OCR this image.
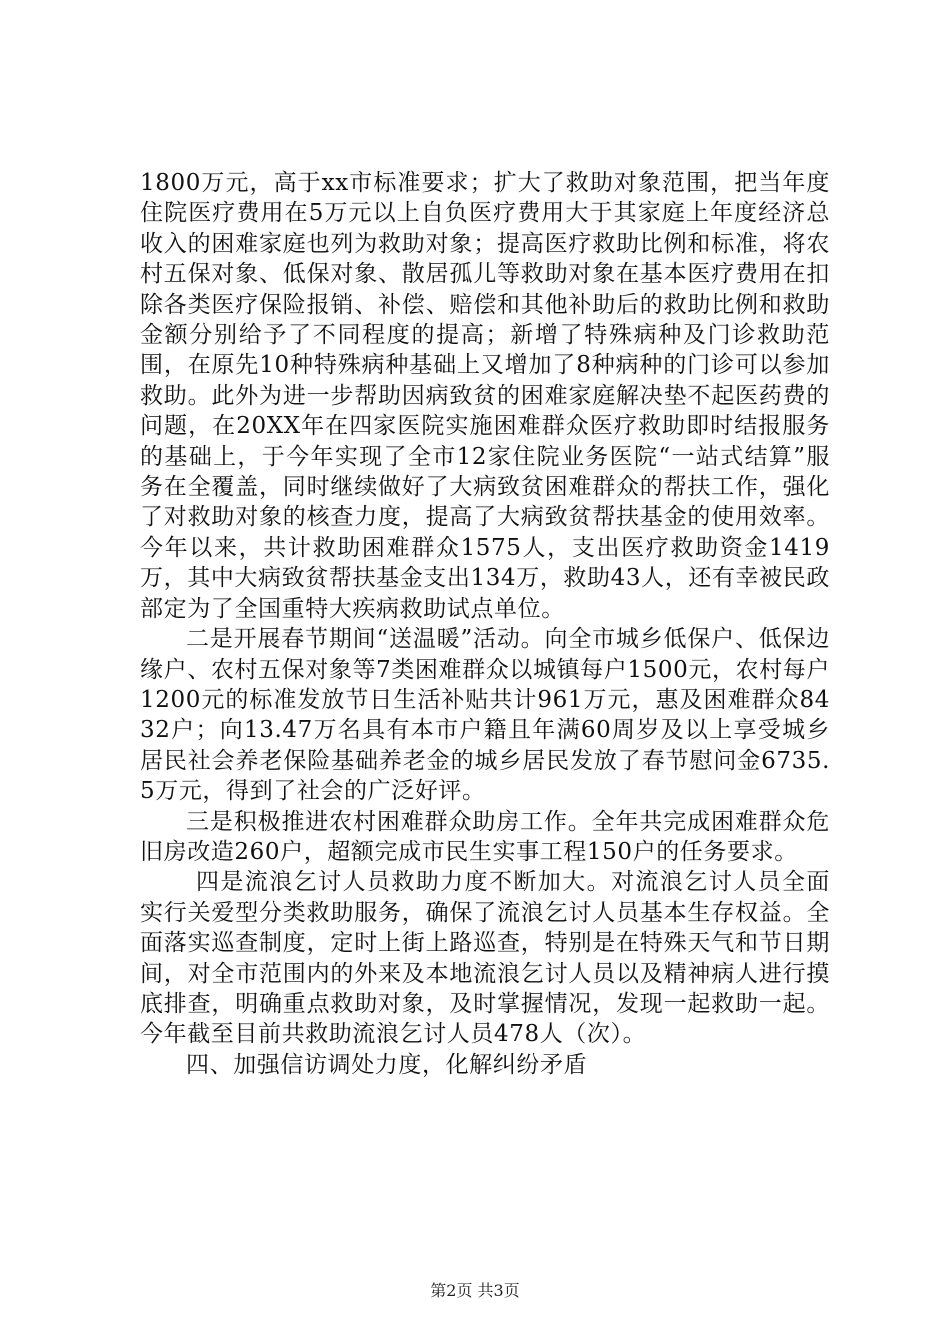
1800万元，高于xx市标准要求；扩大了救助对象范围，把当年度住院医疗费用在5万元以上自负医疗费用大于其家庭上年度经济总收入的困难家庭也列为救助对象；提高医疗救助比例和标准，将农村五保对象、低保对象、散居孤儿等救助对象在基本医疗费用在扣除各类医疗保险报销、补偿、赔偿和其他补助后的救助比例和救助金额分别给予了不同程度的提高；新增了特殊病种及门诊救助范围，在原先10种特殊病种基础上又增加了8种病种的门诊可以参加救助。此外为进一步帮助因病致贫的困难家庭解决垫不起医药费的问题，在20XX年在四家医院实施困难群众医疗救助即时结报服务的基础上，于今年实现了全市12家住院业务医院“一站式结算”服务在全覆盖，同时继续做好了大病致贫困难群众的帮扶工作，强化了对救助对象的核查力度，提高了大病致贫帮扶基金的使用效率。今年以来，共计救助困难群众1575人，支出医疗救助资金1419万，其中大病致贫帮扶基金支出134万，救助43人，还有幸被民政部定为了全国重特大疾病救助试点单位。

二是开展春节期间“送温暖”活动。向全市城乡低保户、低保边缘户、农村五保对象等7类困难群众以城镇每户1500元，农村每户1200元的标准发放节日生活补贴共计961万元，惠及困难群众8432户；向13.47万名具有本市户籍且年满60周岁及以上享受城乡居民社会养老保险基础养老金的城乡居民发放了春节慰问金6735.5万元，得到了社会的广泛好评。

三是积极推进农村困难群众助房工作。全年共完成困难群众危旧房改造260户，超额完成市民生实事工程150户的任务要求。

四是流浪乞讨人员救助力度不断加大。对流浪乞讨人员全面实行关爱型分类救助服务，确保了流浪乞讨人员基本生存权益。全面落实巡查制度，定时上街上路巡查，特别是在特殊天气和节日期间，对全市范围内的外来及本地流浪乞讨人员以及精神病人进行摸底排查，明确重点救助对象，及时掌握情况，发现一起救助一起。今年截至目前共救助流浪乞讨人员478人（次）。

四、加强信访调处力度，化解纠纷矛盾

第2页 共3页
